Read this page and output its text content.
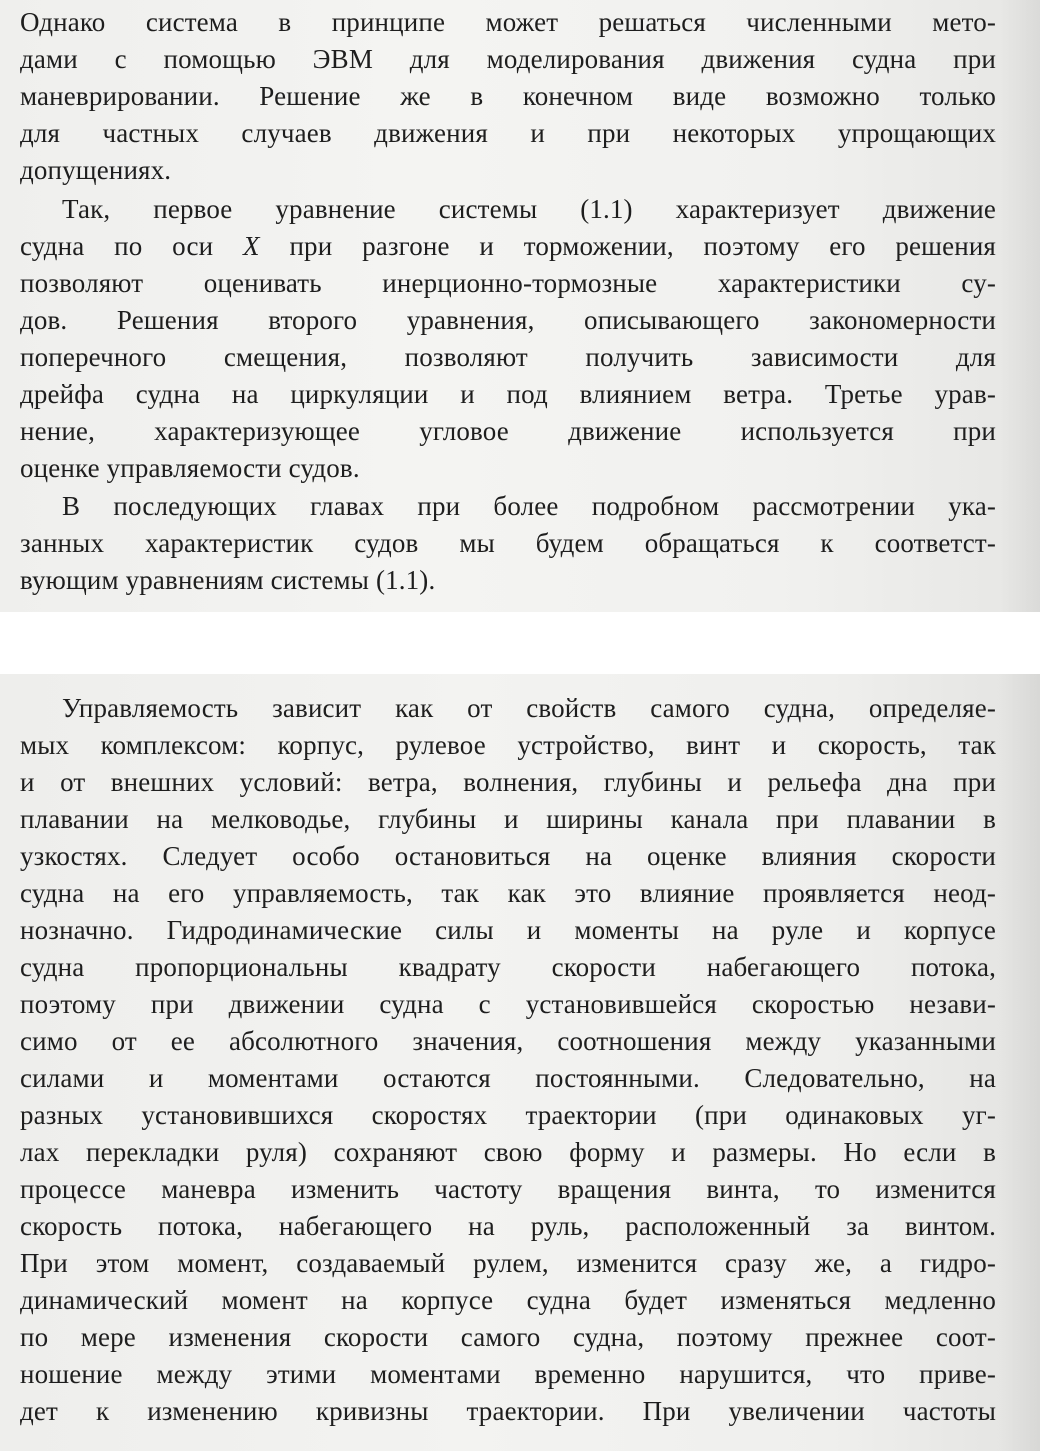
Однако система в принципе может решаться численными мето-
дами с помощью ЭВМ для моделирования движения судна при
маневрировании. Решение же в конечном виде возможно только
для частных случаев движения и при некоторых упрощающих
допущениях.
Так, первое уравнение системы (1.1) характеризует движение
судна по оси X при разгоне и торможении, поэтому его решения
позволяют оценивать инерционно-тормозные характеристики су-
дов. Решения второго уравнения, описывающего закономерности
поперечного смещения, позволяют получить зависимости для
дрейфа судна на циркуляции и под влиянием ветра. Третье урав-
нение, характеризующее угловое движение используется при
оценке управляемости судов.
В последующих главах при более подробном рассмотрении ука-
занных характеристик судов мы будем обращаться к соответст-
вующим уравнениям системы (1.1).
Управляемость зависит как от свойств самого судна, определяе-
мых комплексом: корпус, рулевое устройство, винт и скорость, так
и от внешних условий: ветра, волнения, глубины и рельефа дна при
плавании на мелководье, глубины и ширины канала при плавании в
узкостях. Следует особо остановиться на оценке влияния скорости
судна на его управляемость, так как это влияние проявляется неод-
нозначно. Гидродинамические силы и моменты на руле и корпусе
судна пропорциональны квадрату скорости набегающего потока,
поэтому при движении судна с установившейся скоростью незави-
симо от ее абсолютного значения, соотношения между указанными
силами и моментами остаются постоянными. Следовательно, на
разных установившихся скоростях траектории (при одинаковых уг-
лах перекладки руля) сохраняют свою форму и размеры. Но если в
процессе маневра изменить частоту вращения винта, то изменится
скорость потока, набегающего на руль, расположенный за винтом.
При этом момент, создаваемый рулем, изменится сразу же, а гидро-
динамический момент на корпусе судна будет изменяться медленно
по мере изменения скорости самого судна, поэтому прежнее соот-
ношение между этими моментами временно нарушится, что приве-
дет к изменению кривизны траектории. При увеличении частоты
